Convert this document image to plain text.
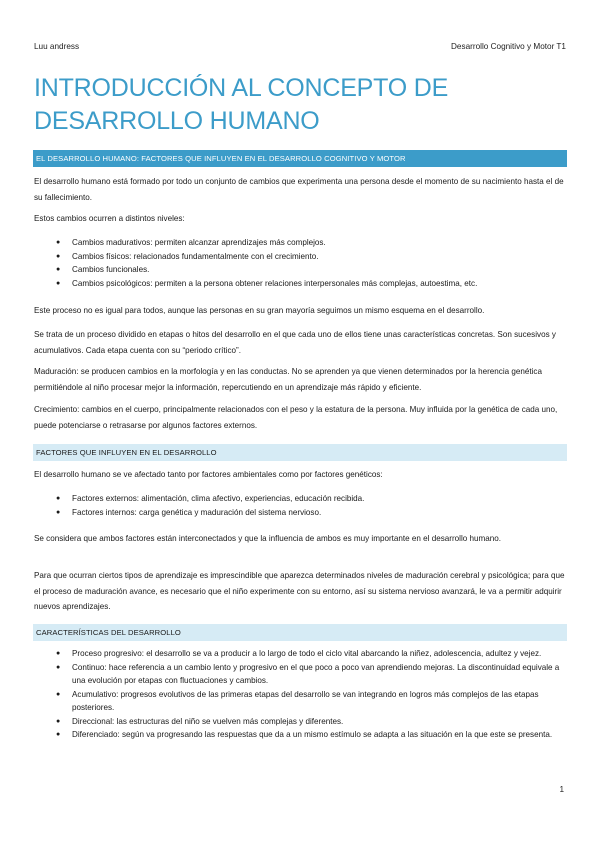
Luu andress	Desarrollo Cognitivo y Motor T1
INTRODUCCIÓN AL CONCEPTO DE DESARROLLO HUMANO
EL DESARROLLO HUMANO: FACTORES QUE INFLUYEN EN EL DESARROLLO COGNITIVO Y MOTOR

El desarrollo humano está formado por todo un conjunto de cambios que experimenta una persona desde el momento de su nacimiento hasta el de su fallecimiento.

Estos cambios ocurren a distintos niveles:

● Cambios madurativos: permiten alcanzar aprendizajes más complejos.
● Cambios físicos: relacionados fundamentalmente con el crecimiento.
● Cambios funcionales.
● Cambios psicológicos: permiten a la persona obtener relaciones interpersonales más complejas, autoestima, etc.

Este proceso no es igual para todos, aunque las personas en su gran mayoría seguimos un mismo esquema en el desarrollo.

Se trata de un proceso dividido en etapas o hitos del desarrollo en el que cada uno de ellos tiene unas características concretas. Son sucesivos y acumulativos. Cada etapa cuenta con su “periodo crítico”.

Maduración: se producen cambios en la morfología y en las conductas. No se aprenden ya que vienen determinados por la herencia genética permitiéndole al niño procesar mejor la información, repercutiendo en un aprendizaje más rápido y eficiente.

Crecimiento: cambios en el cuerpo, principalmente relacionados con el peso y la estatura de la persona. Muy influida por la genética de cada uno, puede potenciarse o retrasarse por algunos factores externos.

FACTORES QUE INFLUYEN EN EL DESARROLLO

El desarrollo humano se ve afectado tanto por factores ambientales como por factores genéticos:

● Factores externos: alimentación, clima afectivo, experiencias, educación recibida.
● Factores internos: carga genética y maduración del sistema nervioso.

Se considera que ambos factores están interconectados y que la influencia de ambos es muy importante en el desarrollo humano.

Para que ocurran ciertos tipos de aprendizaje es imprescindible que aparezca determinados niveles de maduración cerebral y psicológica; para que el proceso de maduración avance, es necesario que el niño experimente con su entorno, así su sistema nervioso avanzará, le va a permitir adquirir nuevos aprendizajes.

CARACTERÍSTICAS DEL DESARROLLO
● Proceso progresivo: el desarrollo se va a producir a lo largo de todo el ciclo vital abarcando la niñez, adolescencia, adultez y vejez.
● Continuo: hace referencia a un cambio lento y progresivo en el que poco a poco van aprendiendo mejoras. La discontinuidad equivale a una evolución por etapas con fluctuaciones y cambios.
● Acumulativo: progresos evolutivos de las primeras etapas del desarrollo se van integrando en logros más complejos de las etapas posteriores.
● Direccional: las estructuras del niño se vuelven más complejas y diferentes.
● Diferenciado: según va progresando las respuestas que da a un mismo estímulo se adapta a las situación en la que este se presenta.
1
